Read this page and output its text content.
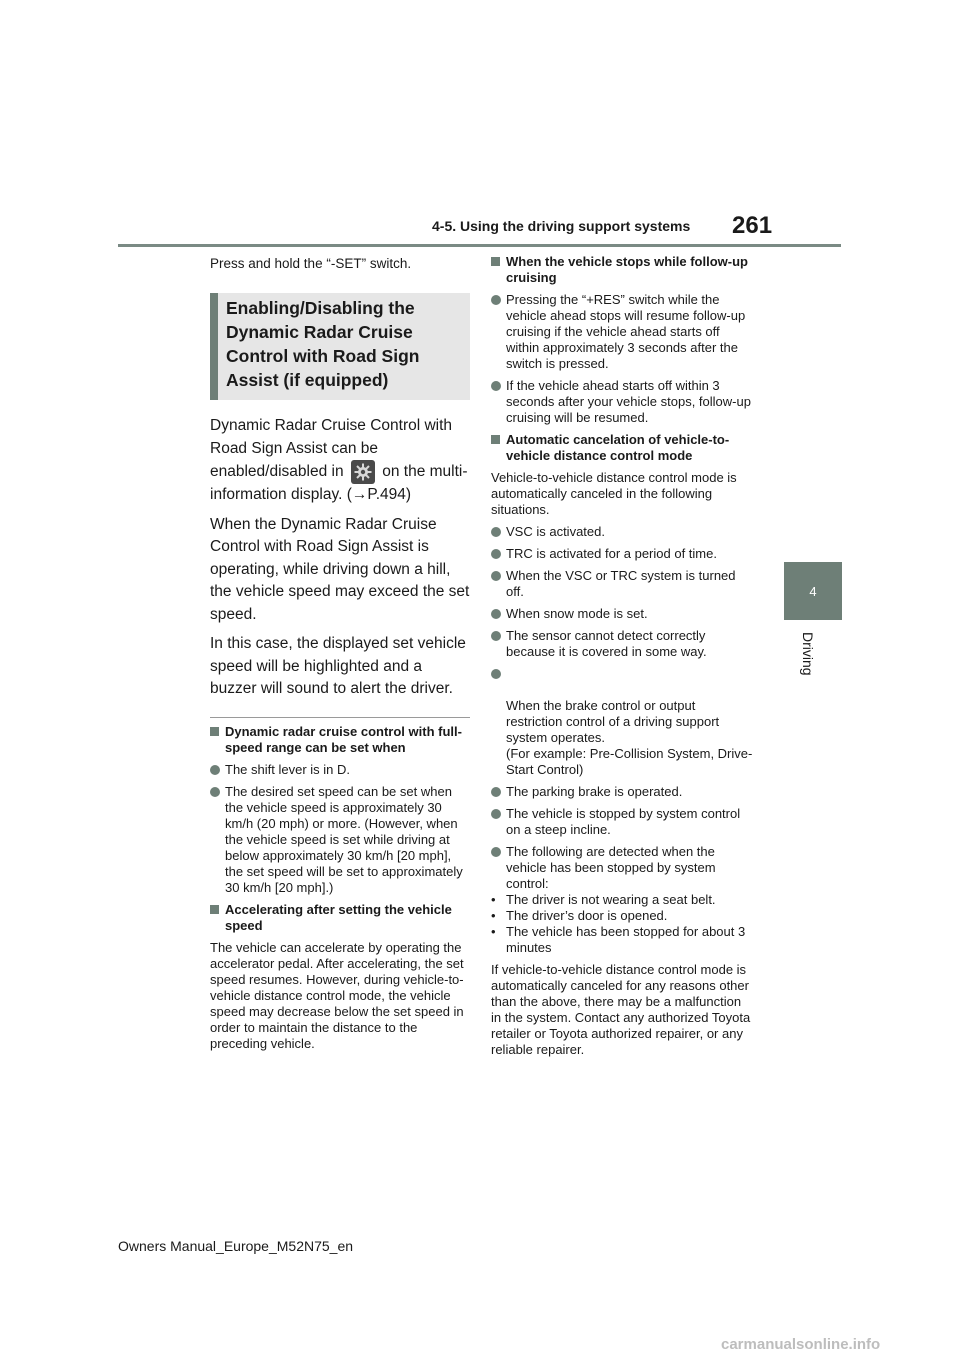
4-5. Using the driving support systems 261
4
Driving

Press and hold the “-SET” switch.

Enabling/Disabling the Dynamic Radar Cruise Control with Road Sign Assist (if equipped)

Dynamic Radar Cruise Control with Road Sign Assist can be enabled/disabled in on the multi-information display. (→P.494)

When the Dynamic Radar Cruise Control with Road Sign Assist is operating, while driving down a hill, the vehicle speed may exceed the set speed.

In this case, the displayed set vehicle speed will be highlighted and a buzzer will sound to alert the driver.

Dynamic radar cruise control with full-speed range can be set when

The shift lever is in D.

The desired set speed can be set when the vehicle speed is approximately 30 km/h (20 mph) or more. (However, when the vehicle speed is set while driving at below approximately 30 km/h [20 mph], the set speed will be set to approximately 30 km/h [20 mph].)

Accelerating after setting the vehicle speed

The vehicle can accelerate by operating the accelerator pedal. After accelerating, the set speed resumes. However, during vehicle-to-vehicle distance control mode, the vehicle speed may decrease below the set speed in order to maintain the distance to the preceding vehicle.

When the vehicle stops while follow-up cruising

Pressing the “+RES” switch while the vehicle ahead stops will resume follow-up cruising if the vehicle ahead starts off within approximately 3 seconds after the switch is pressed.

If the vehicle ahead starts off within 3 seconds after your vehicle stops, follow-up cruising will be resumed.

Automatic cancelation of vehicle-to-vehicle distance control mode

Vehicle-to-vehicle distance control mode is automatically canceled in the following situations.

VSC is activated.

TRC is activated for a period of time.

When the VSC or TRC system is turned off.

When snow mode is set.

The sensor cannot detect correctly because it is covered in some way.

When the brake control or output restriction control of a driving support system operates.
(For example: Pre-Collision System, Drive-Start Control)

The parking brake is operated.

The vehicle is stopped by system control on a steep incline.

The following are detected when the vehicle has been stopped by system control:

• The driver is not wearing a seat belt.
• The driver’s door is opened.
• The vehicle has been stopped for about 3 minutes

If vehicle-to-vehicle distance control mode is automatically canceled for any reasons other than the above, there may be a malfunction in the system. Contact any authorized Toyota retailer or Toyota authorized repairer, or any reliable repairer.

Owners Manual_Europe_M52N75_en
carmanualsonline.info
